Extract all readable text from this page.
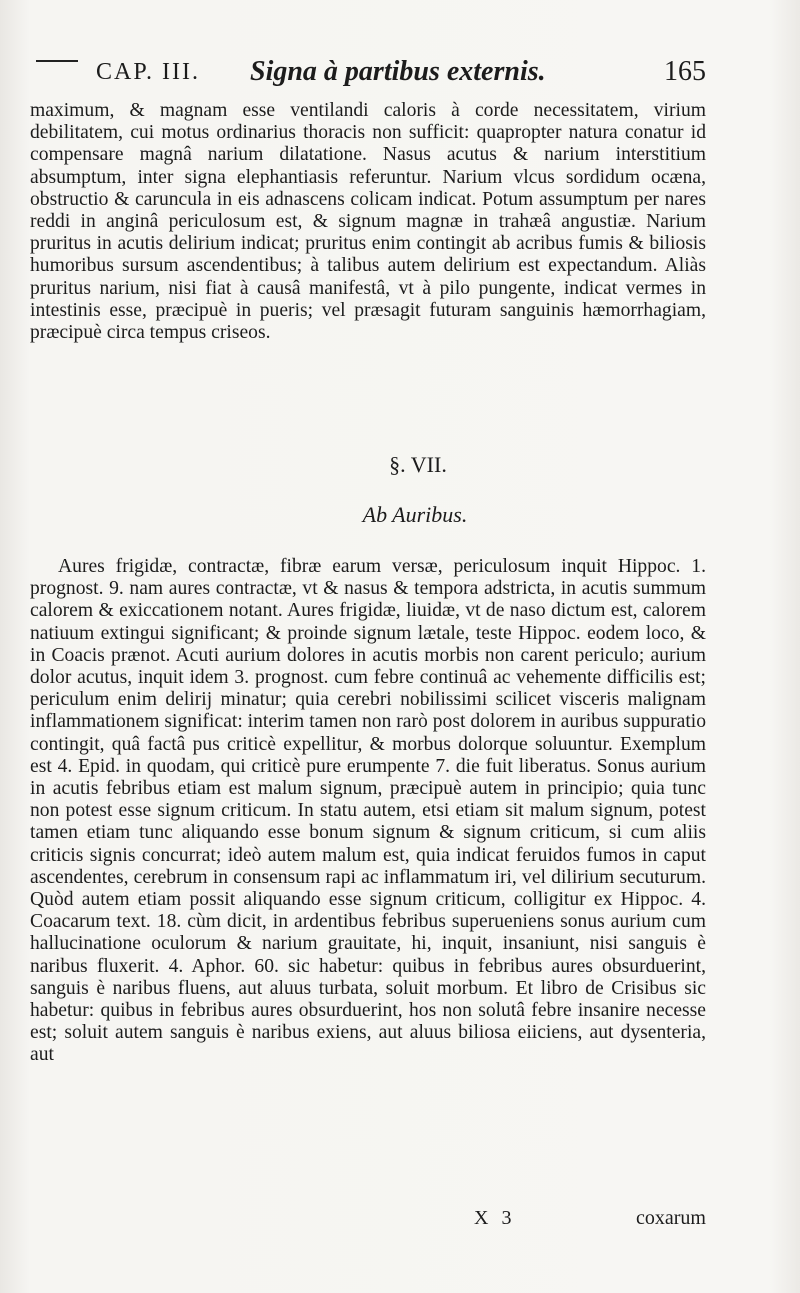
CAP. III. Signa à partibus externis.	165

maximum, & magnam esse ventilandi caloris à corde necessitatem, virium debilitatem, cui motus ordinarius thoracis non sufficit: quapropter natura conatur id compensare magnâ narium dilatatione. Nasus acutus & narium interstitium absumptum, inter signa elephantiasis referuntur. Narium vlcus sordidum ocæna, obstructio & caruncula in eis adnascens colicam indicat. Potum assumptum per nares reddi in anginâ periculosum est, & signum magnæ in trahæâ angustiæ. Narium pruritus in acutis delirium indicat; pruritus enim contingit ab acribus fumis & biliosis humoribus sursum ascendentibus; à talibus autem delirium est expectandum. Aliàs pruritus narium, nisi fiat à causâ manifestâ, vt à pilo pungente, indicat vermes in intestinis esse, præcipuè in pueris; vel præsagit futuram sanguinis hæmorrhagiam, præcipuè circa tempus criseos.

§. VII.
Ab Auribus.

Aures frigidæ, contractæ, fibræ earum versæ, periculosum inquit Hippoc. 1. prognost. 9. nam aures contractæ, vt & nasus & tempora adstricta, in acutis summum calorem & exiccationem notant. Aures frigidæ, liuidæ, vt de naso dictum est, calorem natiuum extingui significant; & proinde signum lætale, teste Hippoc. eodem loco, & in Coacis prænot. Acuti aurium dolores in acutis morbis non carent periculo; aurium dolor acutus, inquit idem 3. prognost. cum febre continuâ ac vehemente difficilis est; periculum enim delirij minatur; quia cerebri nobilissimi scilicet visceris malignam inflammationem significat: interim tamen non rarò post dolorem in auribus suppuratio contingit, quâ factâ pus criticè expellitur, & morbus dolorque soluuntur. Exemplum est 4. Epid. in quodam, qui criticè pure erumpente 7. die fuit liberatus. Sonus aurium in acutis febribus etiam est malum signum, præcipuè autem in principio; quia tunc non potest esse signum criticum. In statu autem, etsi etiam sit malum signum, potest tamen etiam tunc aliquando esse bonum signum & signum criticum, si cum aliis criticis signis concurrat; ideò autem malum est, quia indicat feruidos fumos in caput ascendentes, cerebrum in consensum rapi ac inflammatum iri, vel dilirium secuturum. Quòd autem etiam possit aliquando esse signum criticum, colligitur ex Hippoc. 4. Coacarum text. 18. cùm dicit, in ardentibus febribus superueniens sonus aurium cum hallucinatione oculorum & narium grauitate, hi, inquit, insaniunt, nisi sanguis è naribus fluxerit. 4. Aphor. 60. sic habetur: quibus in febribus aures obsurduerint, sanguis è naribus fluens, aut aluus turbata, soluit morbum. Et libro de Crisibus sic habetur: quibus in febribus aures obsurduerint, hos non solutâ febre insanire necesse est; soluit autem sanguis è naribus exiens, aut aluus biliosa eiiciens, aut dysenteria, aut

X 3	coxarum
